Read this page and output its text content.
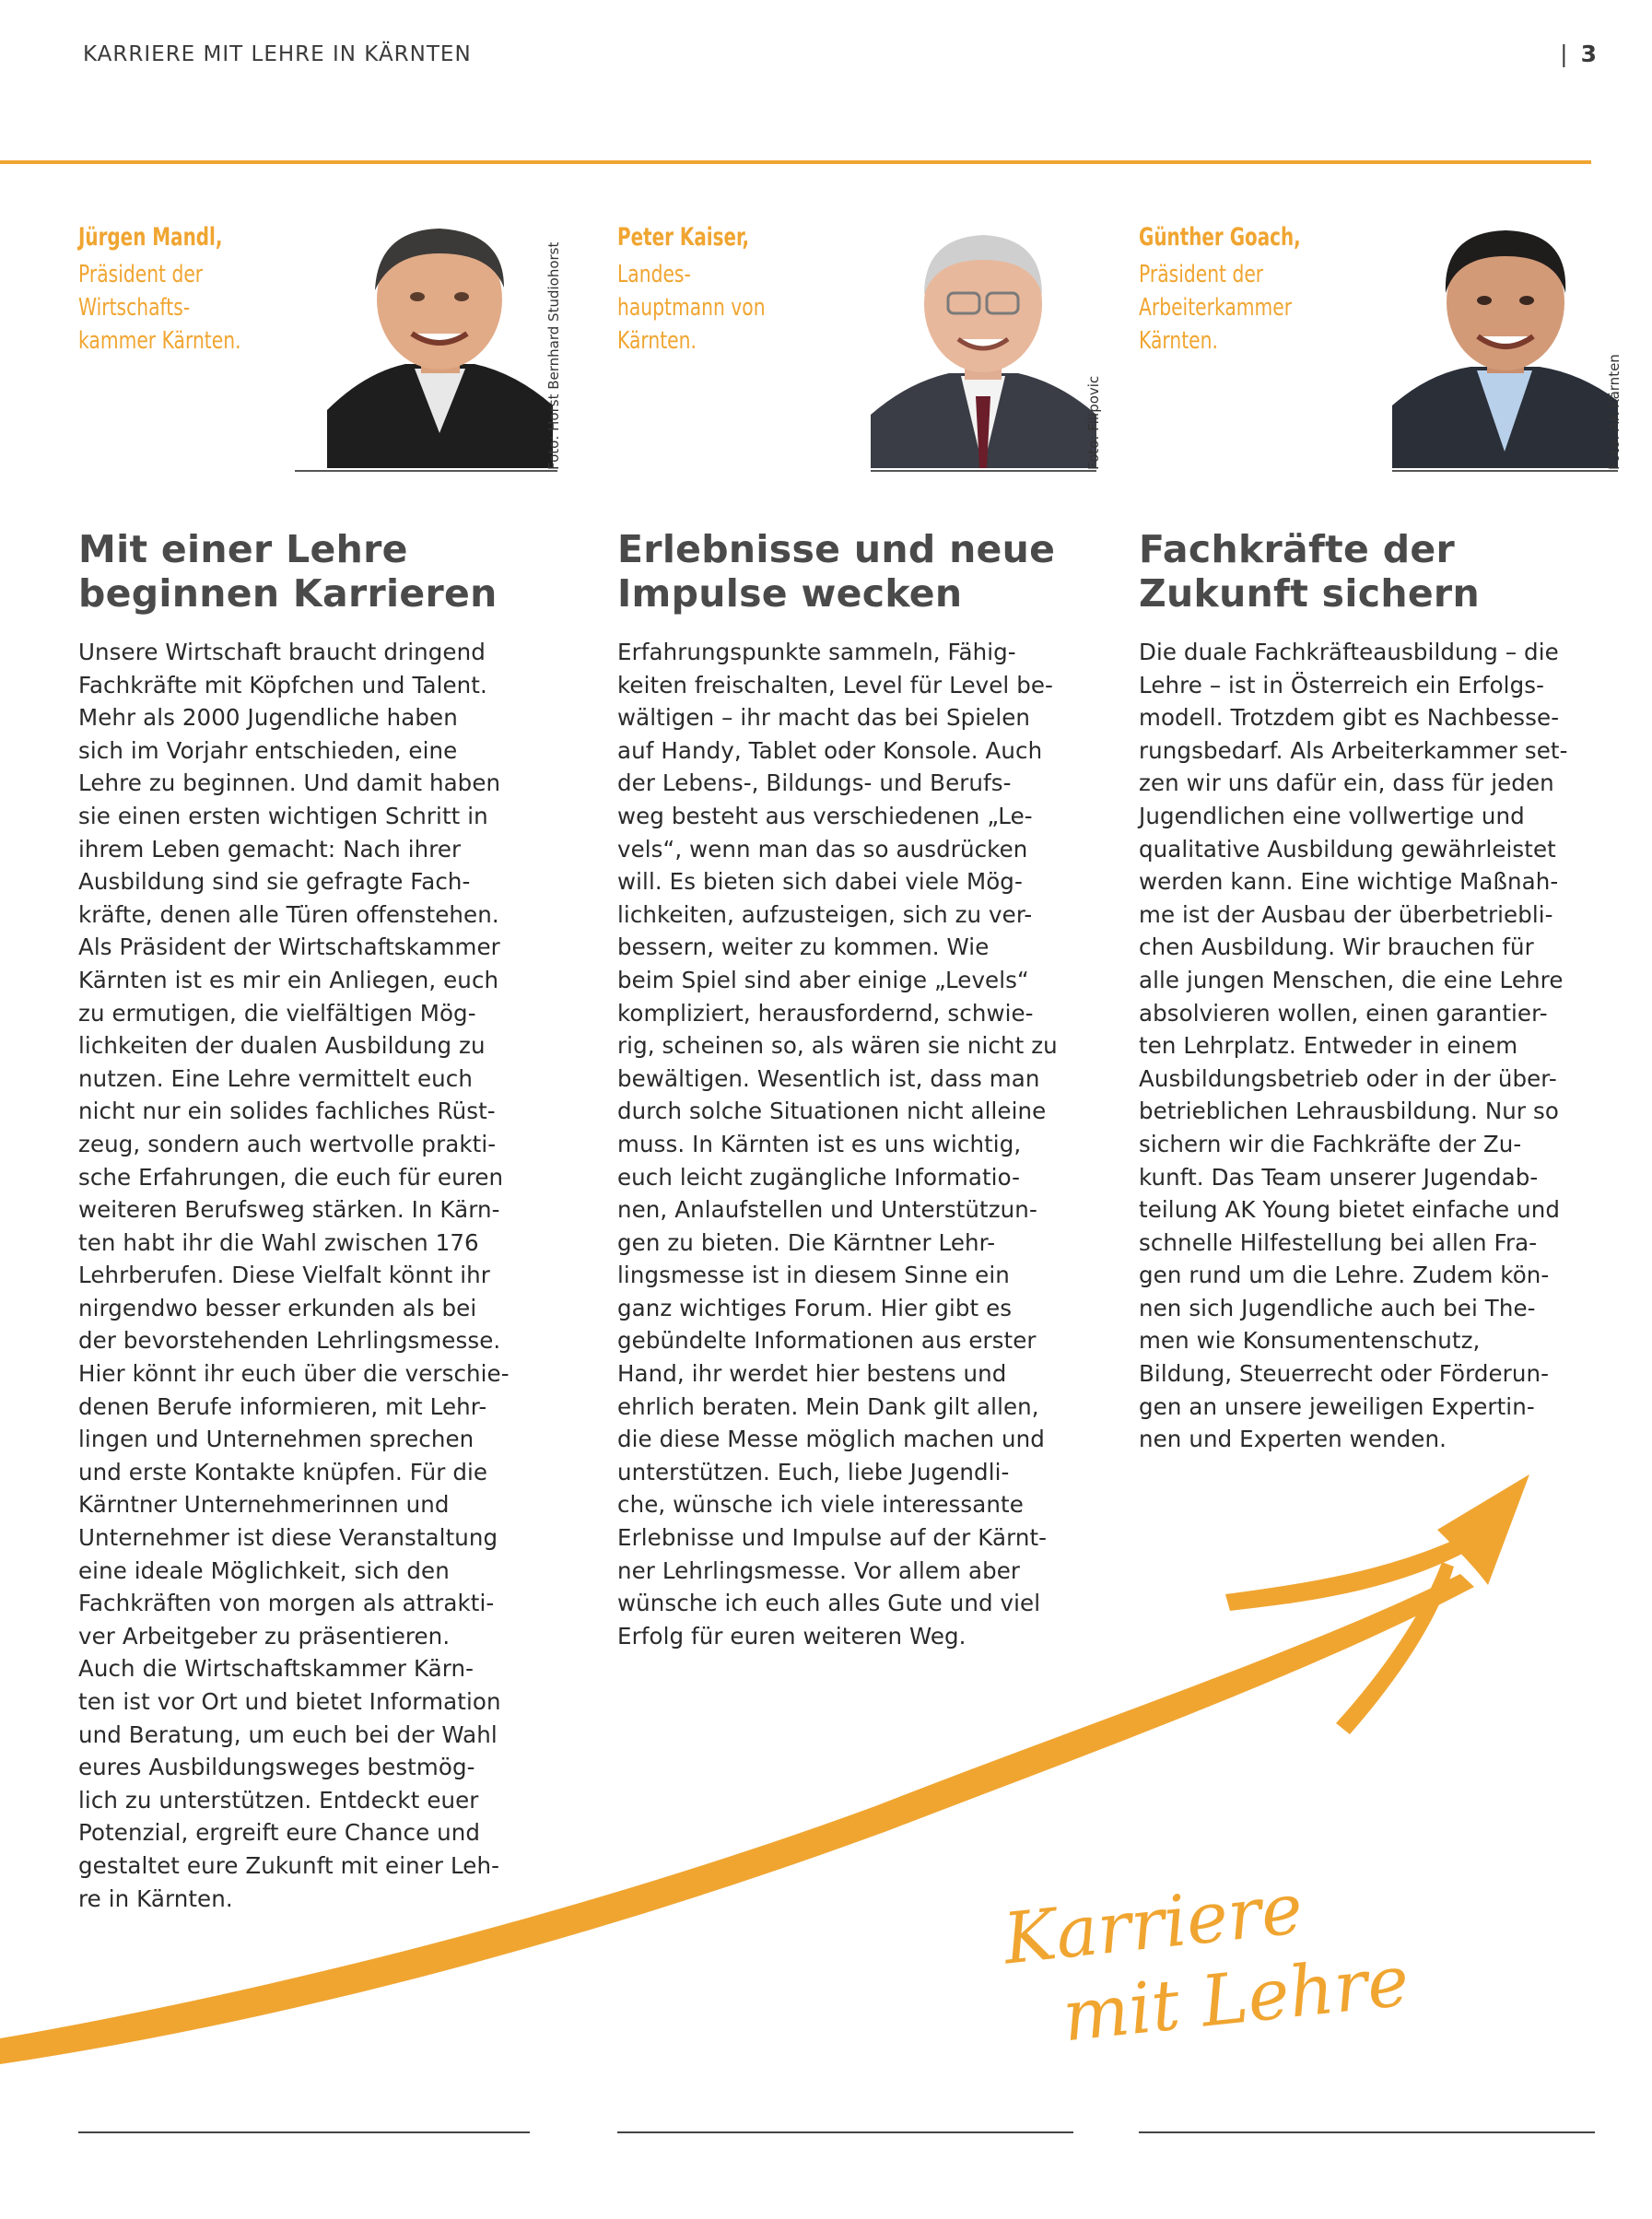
KARRIERE MIT LEHRE IN KÄRNTEN	| 3
Jürgen Mandl,
Präsident der
Wirtschafts-
kammer Kärnten.	Foto: Horst Bernhard Studiohorst
Mit einer Lehre beginnen Karrieren
Unsere Wirtschaft braucht dringend
Fachkräfte mit Köpfchen und Talent.
Mehr als 2000 Jugendliche haben
sich im Vorjahr entschieden, eine
Lehre zu beginnen. Und damit haben
sie einen ersten wichtigen Schritt in
ihrem Leben gemacht: Nach ihrer
Ausbildung sind sie gefragte Fach-
kräfte, denen alle Türen offenstehen.
Als Präsident der Wirtschaftskammer
Kärnten ist es mir ein Anliegen, euch
zu ermutigen, die vielfältigen Mög-
lichkeiten der dualen Ausbildung zu
nutzen. Eine Lehre vermittelt euch
nicht nur ein solides fachliches Rüst-
zeug, sondern auch wertvolle prakti-
sche Erfahrungen, die euch für euren
weiteren Berufsweg stärken. In Kärn-
ten habt ihr die Wahl zwischen 176
Lehrberufen. Diese Vielfalt könnt ihr
nirgendwo besser erkunden als bei
der bevorstehenden Lehrlingsmesse.
Hier könnt ihr euch über die verschie-
denen Berufe informieren, mit Lehr-
lingen und Unternehmen sprechen
und erste Kontakte knüpfen. Für die
Kärntner Unternehmerinnen und
Unternehmer ist diese Veranstaltung
eine ideale Möglichkeit, sich den
Fachkräften von morgen als attrakti-
ver Arbeitgeber zu präsentieren.
Auch die Wirtschaftskammer Kärn-
ten ist vor Ort und bietet Information
und Beratung, um euch bei der Wahl
eures Ausbildungsweges bestmög-
lich zu unterstützen. Entdeckt euer
Potenzial, ergreift eure Chance und
gestaltet eure Zukunft mit einer Leh-
re in Kärnten.
Peter Kaiser,
Landes-
hauptmann von
Kärnten.
Foto: Filipovic
Erlebnisse und neue Impulse wecken
Erfahrungspunkte sammeln, Fähig-
keiten freischalten, Level für Level be-
wältigen – ihr macht das bei Spielen
auf Handy, Tablet oder Konsole. Auch
der Lebens-, Bildungs- und Berufs-
weg besteht aus verschiedenen „Le-
vels“, wenn man das so ausdrücken
will. Es bieten sich dabei viele Mög-
lichkeiten, aufzusteigen, sich zu ver-
bessern, weiter zu kommen. Wie
beim Spiel sind aber einige „Levels“
kompliziert, herausfordernd, schwie-
rig, scheinen so, als wären sie nicht zu
bewältigen. Wesentlich ist, dass man
durch solche Situationen nicht alleine
muss. In Kärnten ist es uns wichtig,
euch leicht zugängliche Informatio-
nen, Anlaufstellen und Unterstützun-
gen zu bieten. Die Kärntner Lehr-
lingsmesse ist in diesem Sinne ein
ganz wichtiges Forum. Hier gibt es
gebündelte Informationen aus erster
Hand, ihr werdet hier bestens und
ehrlich beraten. Mein Dank gilt allen,
die diese Messe möglich machen und
unterstützen. Euch, liebe Jugendli-
che, wünsche ich viele interessante
Erlebnisse und Impulse auf der Kärnt-
ner Lehrlingsmesse. Vor allem aber
wünsche ich euch alles Gute und viel
Erfolg für euren weiteren Weg.
Günther Goach,
Präsident der
Arbeiterkammer
Kärnten.
Foto: AK Kärnten
Fachkräfte der Zukunft sichern
Die duale Fachkräfteausbildung – die
Lehre – ist in Österreich ein Erfolgs-
modell. Trotzdem gibt es Nachbesse-
rungsbedarf. Als Arbeiterkammer set-
zen wir uns dafür ein, dass für jeden
Jugendlichen eine vollwertige und
qualitative Ausbildung gewährleistet
werden kann. Eine wichtige Maßnah-
me ist der Ausbau der überbetriebli-
chen Ausbildung. Wir brauchen für
alle jungen Menschen, die eine Lehre
absolvieren wollen, einen garantier-
ten Lehrplatz. Entweder in einem
Ausbildungsbetrieb oder in der über-
betrieblichen Lehrausbildung. Nur so
sichern wir die Fachkräfte der Zu-
kunft. Das Team unserer Jugendab-
teilung AK Young bietet einfache und
schnelle Hilfestellung bei allen Fra-
gen rund um die Lehre. Zudem kön-
nen sich Jugendliche auch bei The-
men wie Konsumentenschutz,
Bildung, Steuerrecht oder Förderun-
gen an unsere jeweiligen Expertin-
nen und Experten wenden.
Karriere
mit Lehre
